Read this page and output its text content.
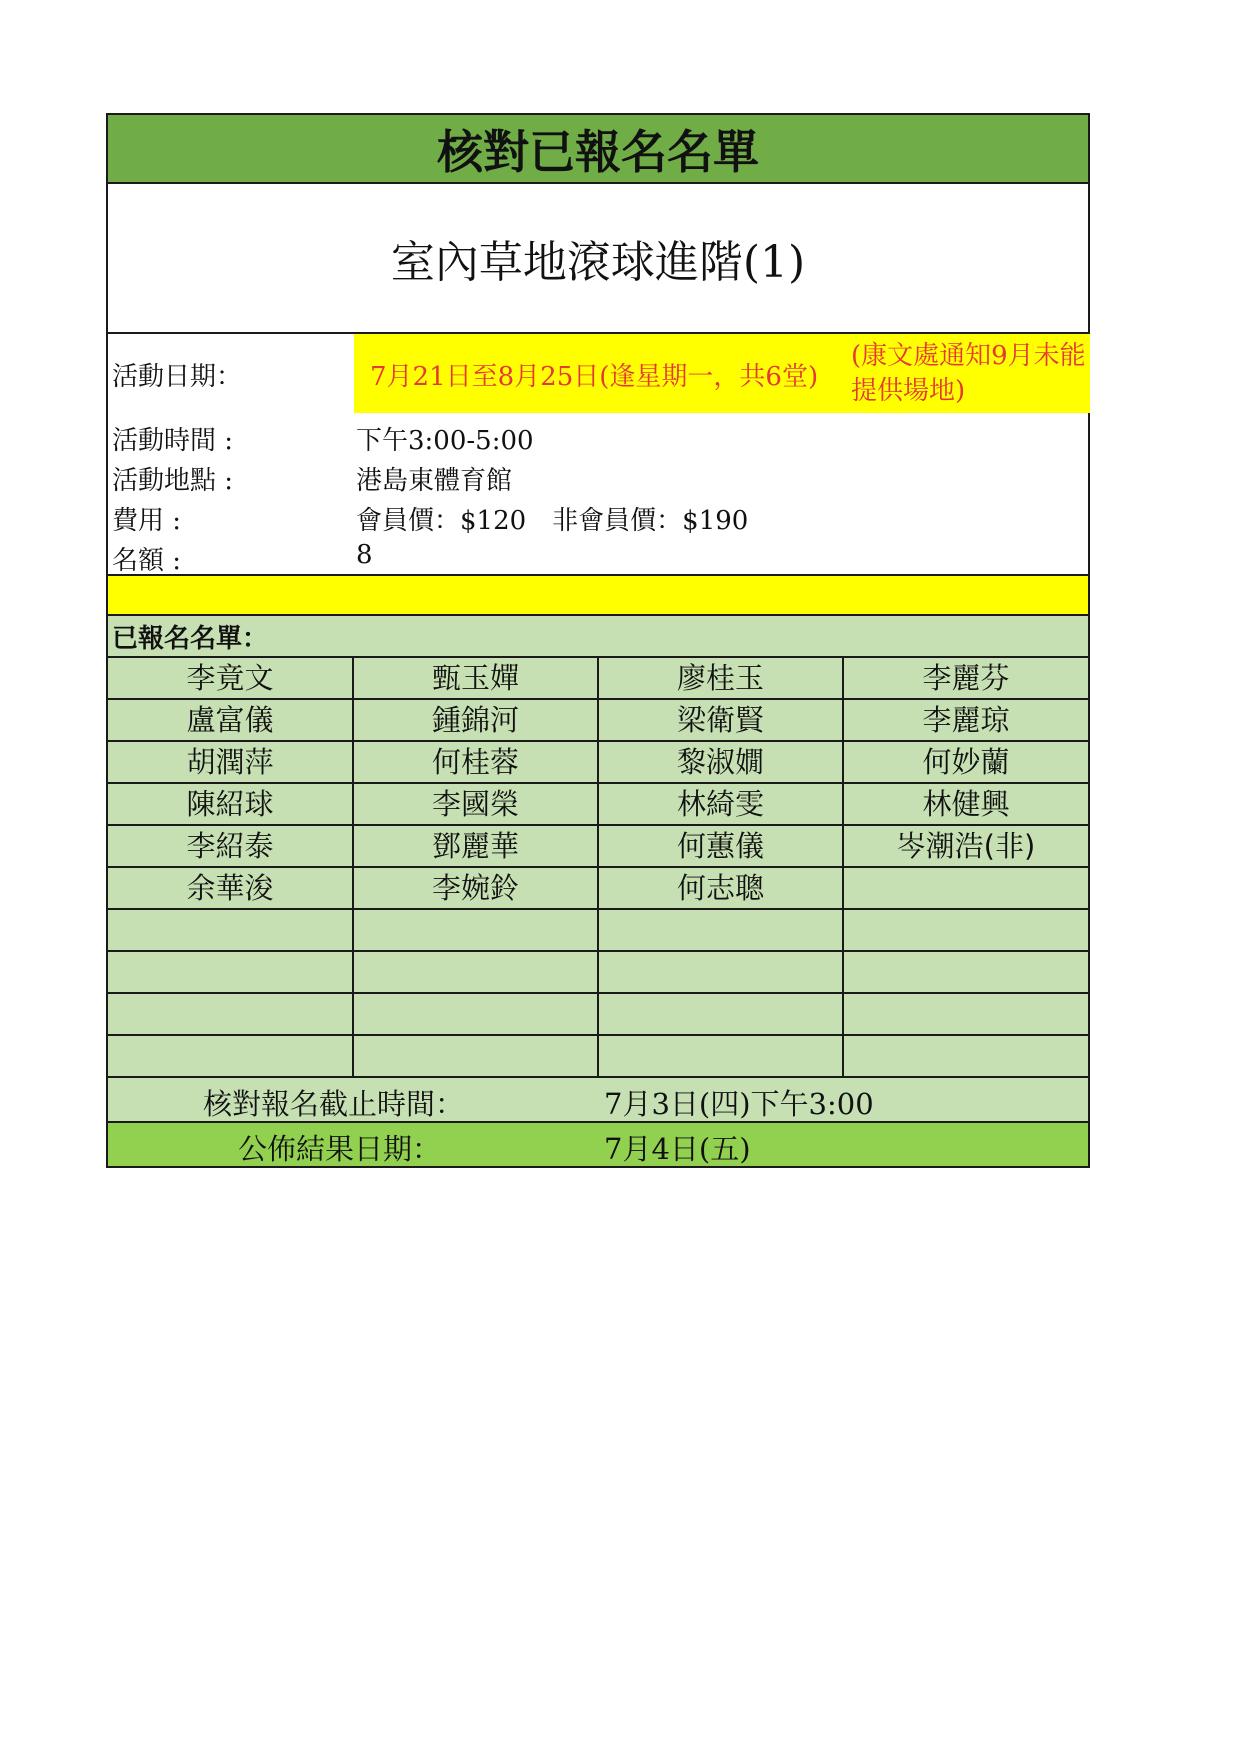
核對已報名名單
室內草地滾球進階(1)
活動日期：	7月21日至8月25日(逢星期一，共6堂)
(康文處通知9月未能提供場地)
活動時間 :	下午3:00-5:00
活動地點 :	港島東體育館
費用 :	會員價：$120　非會員價：$190
名額 :	8
已報名名單：
李竟文	甄玉嬋	廖桂玉	李麗芬
盧富儀	鍾錦河	梁衛賢	李麗琼
胡潤萍	何桂蓉	黎淑嫺	何妙蘭
陳紹球	李國榮	林綺雯	林健興
李紹泰	鄧麗華	何蕙儀	岑潮浩(非)
余華浚	李婉鈴	何志聰	

核對報名截止時間：	7月3日(四)下午3:00
公佈結果日期：	7月4日(五)
